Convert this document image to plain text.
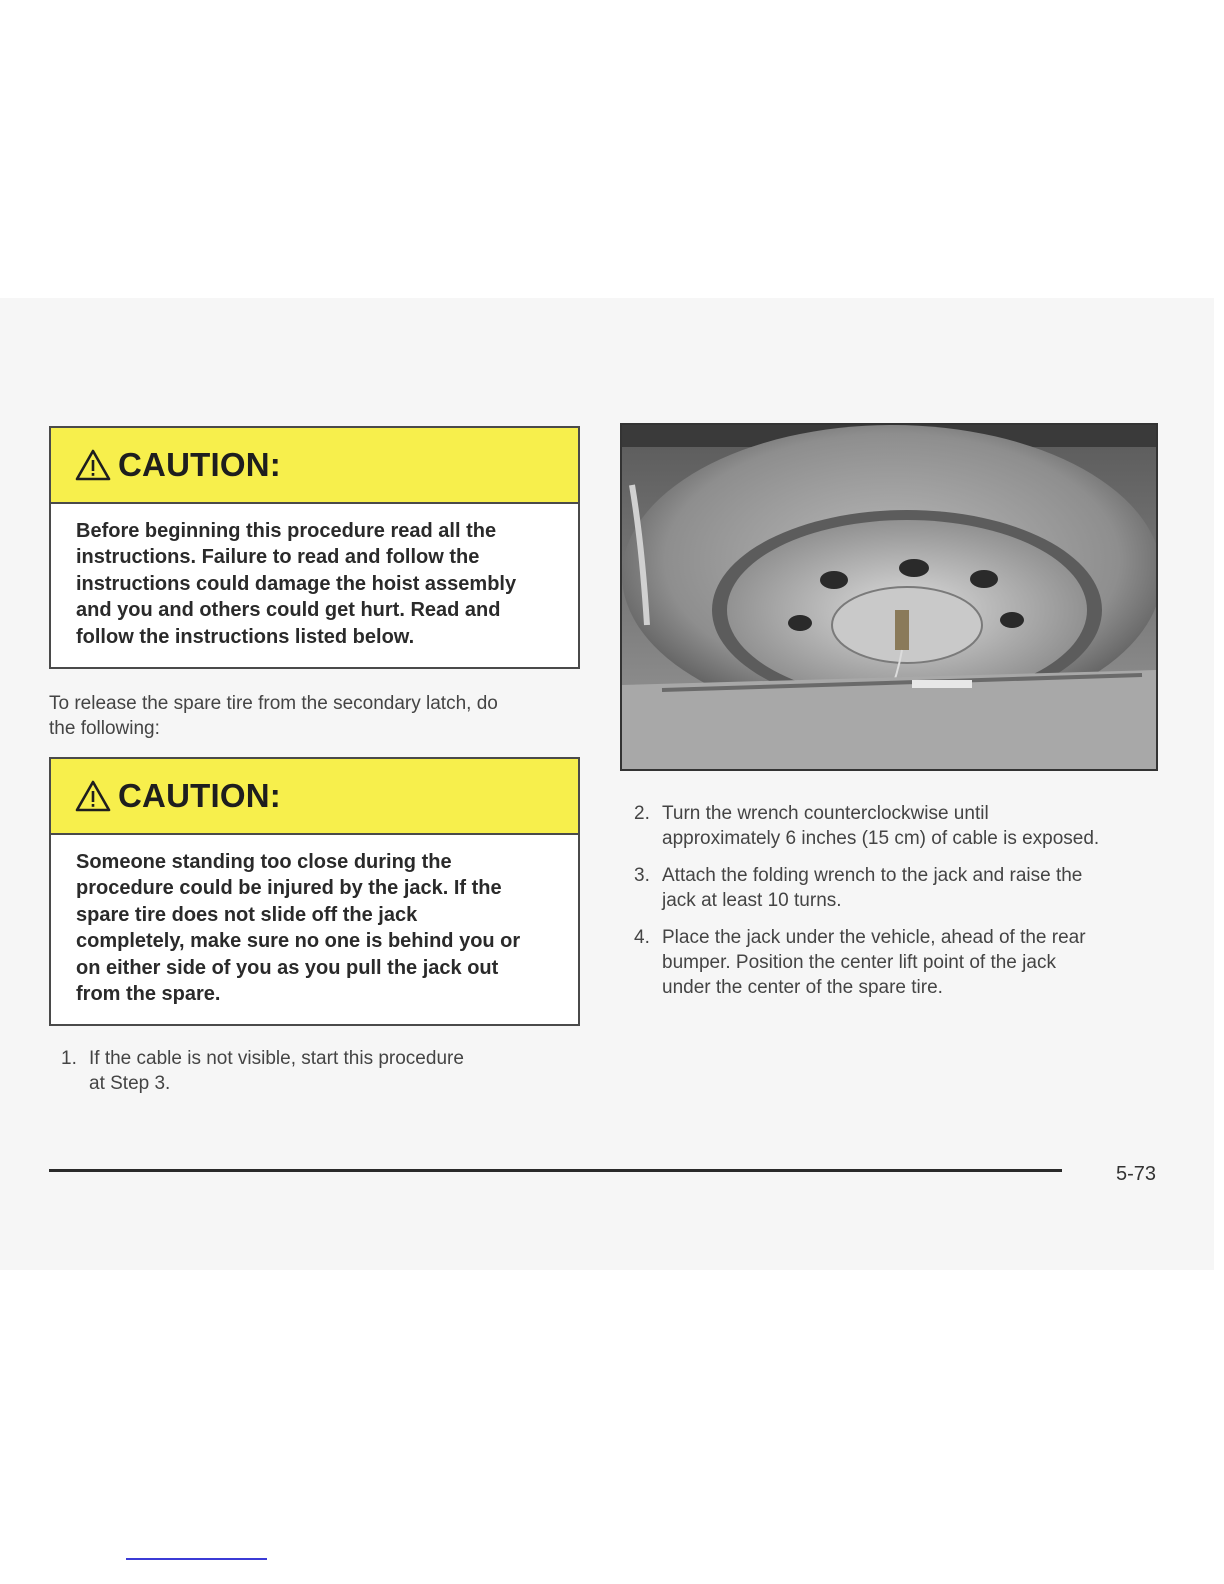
CAUTION:
Before beginning this procedure read all the
instructions. Failure to read and follow the
instructions could damage the hoist assembly
and you and others could get hurt. Read and
follow the instructions listed below.
To release the spare tire from the secondary latch, do
the following:
CAUTION:
Someone standing too close during the
procedure could be injured by the jack. If the
spare tire does not slide off the jack
completely, make sure no one is behind you or
on either side of you as you pull the jack out
from the spare.
1. If the cable is not visible, start this procedure
at Step 3.
2. Turn the wrench counterclockwise until
approximately 6 inches (15 cm) of cable is exposed.
3. Attach the folding wrench to the jack and raise the
jack at least 10 turns.
4. Place the jack under the vehicle, ahead of the rear
bumper. Position the center lift point of the jack
under the center of the spare tire.
5-73
